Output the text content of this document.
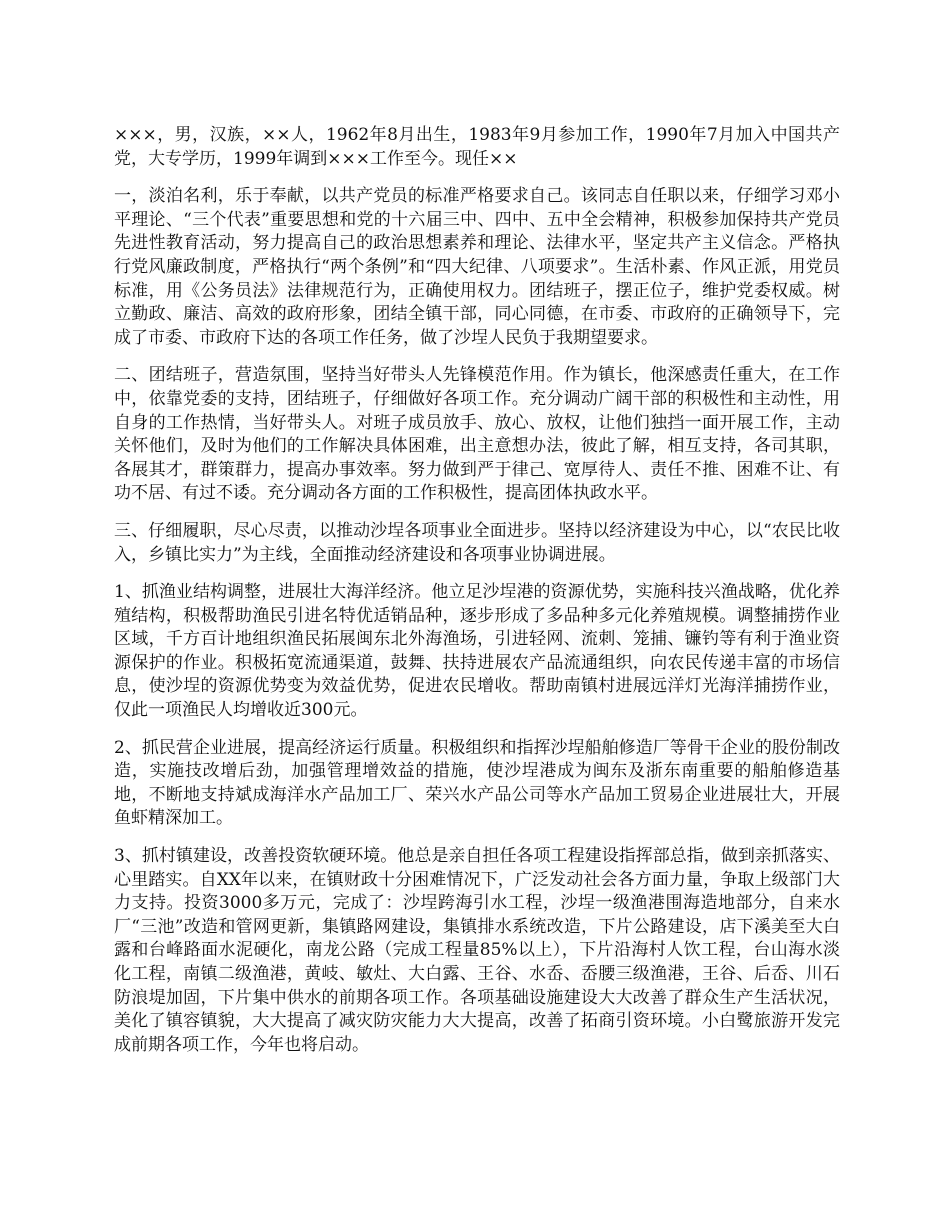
×××，男，汉族，××人，1962年8月出生，1983年9月参加工作，1990年7月加入中国共产党，大专学历，1999年调到×××工作至今。现任××

一，淡泊名利，乐于奉献，以共产党员的标准严格要求自己。该同志自任职以来，仔细学习邓小平理论、“三个代表”重要思想和党的十六届三中、四中、五中全会精神，积极参加保持共产党员先进性教育活动，努力提高自己的政治思想素养和理论、法律水平，坚定共产主义信念。严格执行党风廉政制度，严格执行“两个条例”和“四大纪律、八项要求”。生活朴素、作风正派，用党员标准，用《公务员法》法律规范行为，正确使用权力。团结班子，摆正位子，维护党委权威。树立勤政、廉洁、高效的政府形象，团结全镇干部，同心同德，在市委、市政府的正确领导下，完成了市委、市政府下达的各项工作任务，做了沙埕人民负于我期望要求。

二、团结班子，营造氛围，坚持当好带头人先锋模范作用。作为镇长，他深感责任重大，在工作中，依靠党委的支持，团结班子，仔细做好各项工作。充分调动广阔干部的积极性和主动性，用自身的工作热情，当好带头人。对班子成员放手、放心、放权，让他们独挡一面开展工作，主动关怀他们，及时为他们的工作解决具体困难，出主意想办法，彼此了解，相互支持，各司其职，各展其才，群策群力，提高办事效率。努力做到严于律己、宽厚待人、责任不推、困难不让、有功不居、有过不诿。充分调动各方面的工作积极性，提高团体执政水平。

三、仔细履职，尽心尽责，以推动沙埕各项事业全面进步。坚持以经济建设为中心，以“农民比收入，乡镇比实力”为主线，全面推动经济建设和各项事业协调进展。

1、抓渔业结构调整，进展壮大海洋经济。他立足沙埕港的资源优势，实施科技兴渔战略，优化养殖结构，积极帮助渔民引进名特优适销品种，逐步形成了多品种多元化养殖规模。调整捕捞作业区域，千方百计地组织渔民拓展闽东北外海渔场，引进轻网、流刺、笼捕、镰钓等有利于渔业资源保护的作业。积极拓宽流通渠道，鼓舞、扶持进展农产品流通组织，向农民传递丰富的市场信息，使沙埕的资源优势变为效益优势，促进农民增收。帮助南镇村进展远洋灯光海洋捕捞作业，仅此一项渔民人均增收近300元。

2、抓民营企业进展，提高经济运行质量。积极组织和指挥沙埕船舶修造厂等骨干企业的股份制改造，实施技改增后劲，加强管理增效益的措施，使沙埕港成为闽东及浙东南重要的船舶修造基地，不断地支持斌成海洋水产品加工厂、荣兴水产品公司等水产品加工贸易企业进展壮大，开展鱼虾精深加工。

3、抓村镇建设，改善投资软硬环境。他总是亲自担任各项工程建设指挥部总指，做到亲抓落实、心里踏实。自XX年以来，在镇财政十分困难情况下，广泛发动社会各方面力量，争取上级部门大力支持。投资3000多万元，完成了：沙埕跨海引水工程，沙埕一级渔港围海造地部分，自来水厂“三池”改造和管网更新，集镇路网建设，集镇排水系统改造，下片公路建设，店下溪美至大白露和台峰路面水泥硬化，南龙公路（完成工程量85%以上），下片沿海村人饮工程，台山海水淡化工程，南镇二级渔港，黄岐、敏灶、大白露、王谷、水岙、岙腰三级渔港，王谷、后岙、川石防浪堤加固，下片集中供水的前期各项工作。各项基础设施建设大大改善了群众生产生活状况，美化了镇容镇貌，大大提高了减灾防灾能力大大提高，改善了拓商引资环境。小白鹭旅游开发完成前期各项工作，今年也将启动。
